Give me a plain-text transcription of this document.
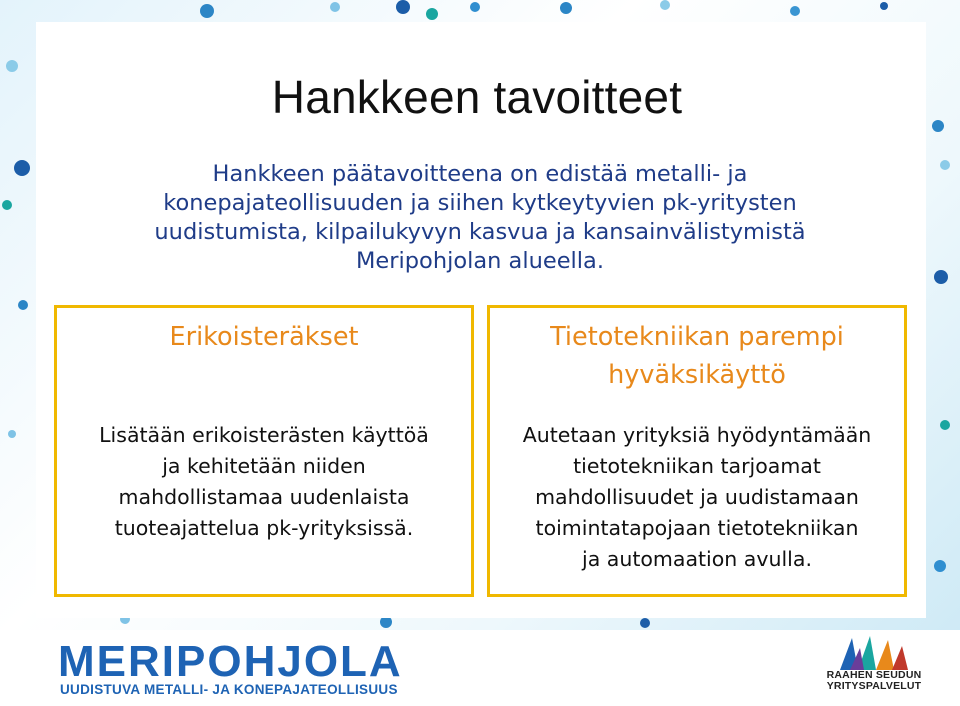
Hankkeen tavoitteet
Hankkeen päätavoitteena on edistää metalli- ja
konepajateollisuuden ja siihen kytkeytyvien pk-yritysten
uudistumista, kilpailukyvyn kasvua ja kansainvälistymistä
Meripohjolan alueella.
Erikoisteräkset
Lisätään erikoisterästen käyttöä
ja kehitetään niiden
mahdollistamaa uudenlaista
tuoteajattelua pk-yrityksissä.
Tietotekniikan parempi
hyväksikäyttö
Autetaan yrityksiä hyödyntämään
tietotekniikan tarjoamat
mahdollisuudet ja uudistamaan
toimintatapojaan tietotekniikan
ja automaation avulla.
MERIPOHJOLA
UUDISTUVA METALLI- JA KONEPAJATEOLLISUUS
RAAHEN SEUDUN
YRITYSPALVELUT
